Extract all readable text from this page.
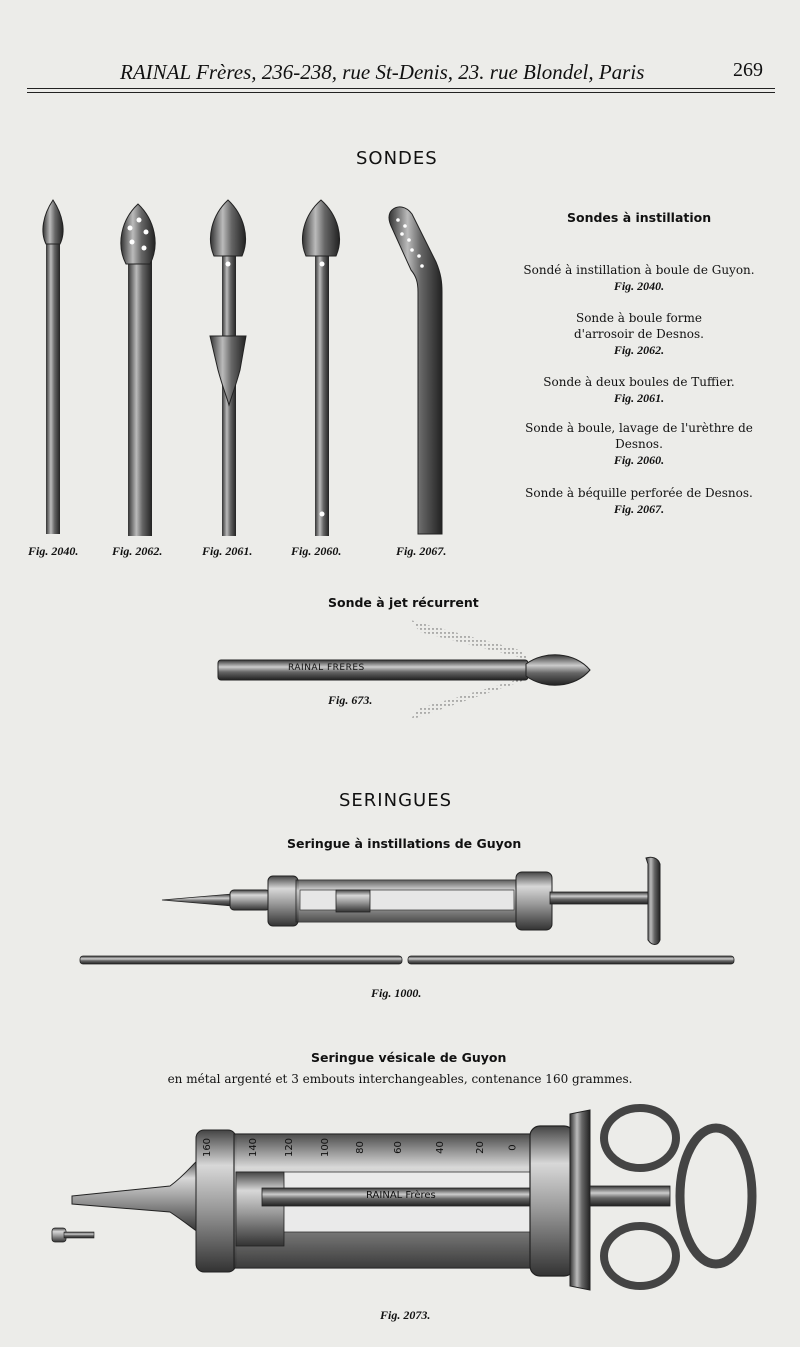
RAINAL Frères, 236-238, rue St-Denis, 23. rue Blondel, Paris	269
SONDES
RAINAL FRERES
RAINAL Frères
160	140	120	100 80	60	40	20 0
Sondes à instillation
Sondé à instillation à boule de Guyon.
Fig. 2040.
Sonde à boule forme d'arrosoir de Desnos.
Fig. 2062.
Sonde à deux boules de Tuffier.
Fig. 2061.
Sonde à boule, lavage de l'urèthre de Desnos.
Fig. 2060.
Sonde à béquille perforée de Desnos.
Fig. 2067.
Fig. 2040.	Fig. 2062.	Fig. 2061.	Fig. 2060.	Fig. 2067.
Sonde à jet récurrent
Fig. 673.
SERINGUES
Seringue à instillations de Guyon
Fig. 1000.
Seringue vésicale de Guyon
en métal argenté et 3 embouts interchangeables, contenance 160 grammes.
Fig. 2073.
